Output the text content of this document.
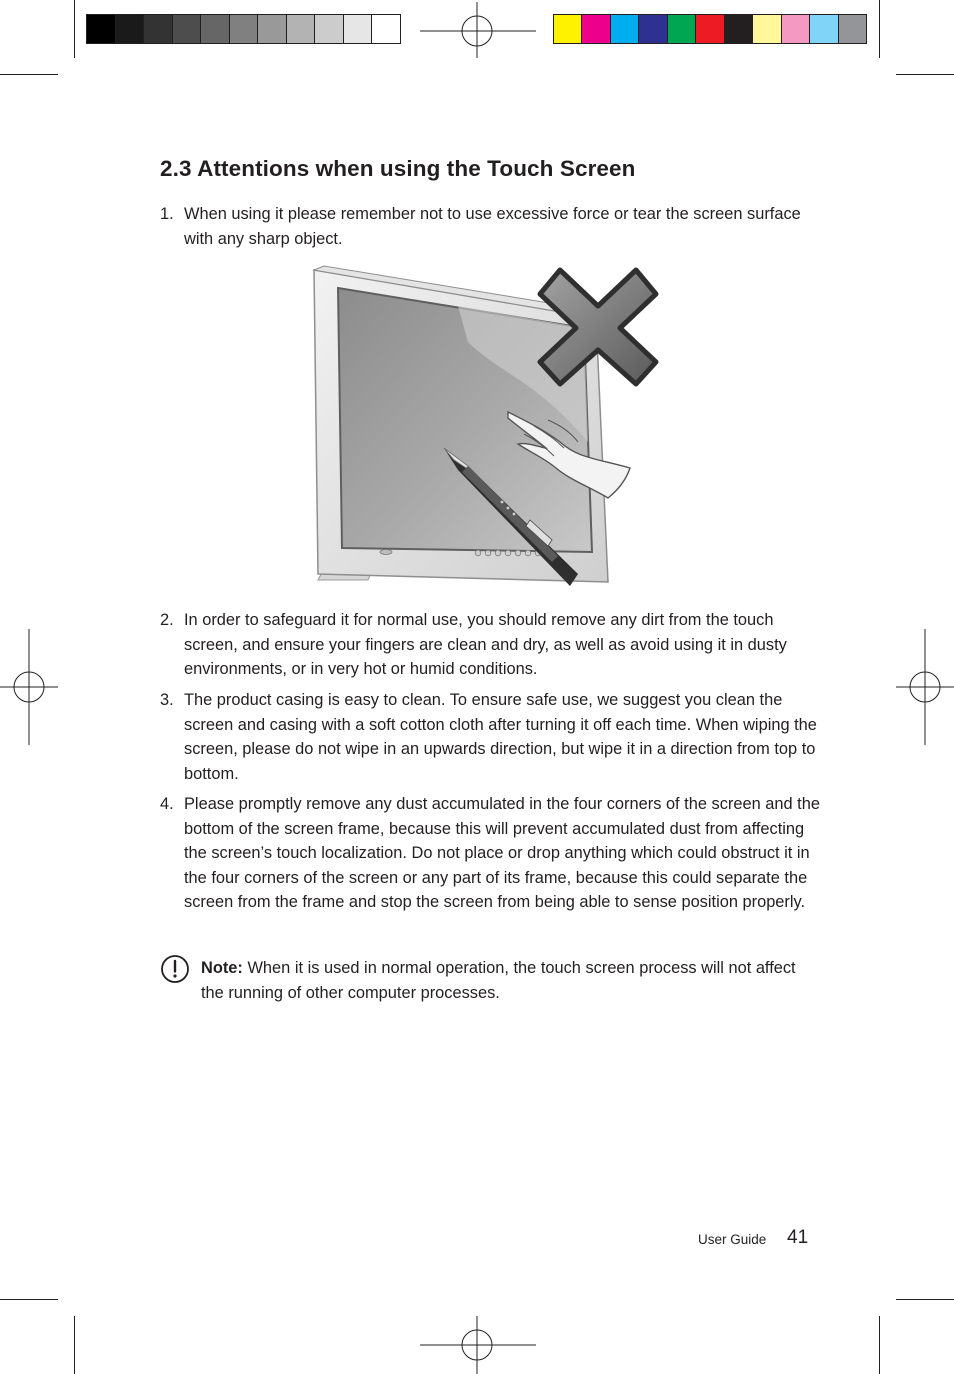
2.3 Attentions when using the Touch Screen
1. When using it please remember not to use excessive force or tear the screen surface with any sharp object.
2. In order to safeguard it for normal use, you should remove any dirt from the touch screen, and ensure your fingers are clean and dry, as well as avoid using it in dusty environments, or in very hot or humid conditions.
3. The product casing is easy to clean. To ensure safe use, we suggest you clean the screen and casing with a soft cotton cloth after turning it off each time. When wiping the screen, please do not wipe in an upwards direction, but wipe it in a direction from top to bottom.
4. Please promptly remove any dust accumulated in the four corners of the screen and the bottom of the screen frame, because this will prevent accumulated dust from affecting the screen’s touch localization. Do not place or drop anything which could obstruct it in the four corners of the screen or any part of its frame, because this could separate the screen from the frame and stop the screen from being able to sense position properly.
Note: When it is used in normal operation, the touch screen process will not affect the running of other computer processes.
User Guide 41
